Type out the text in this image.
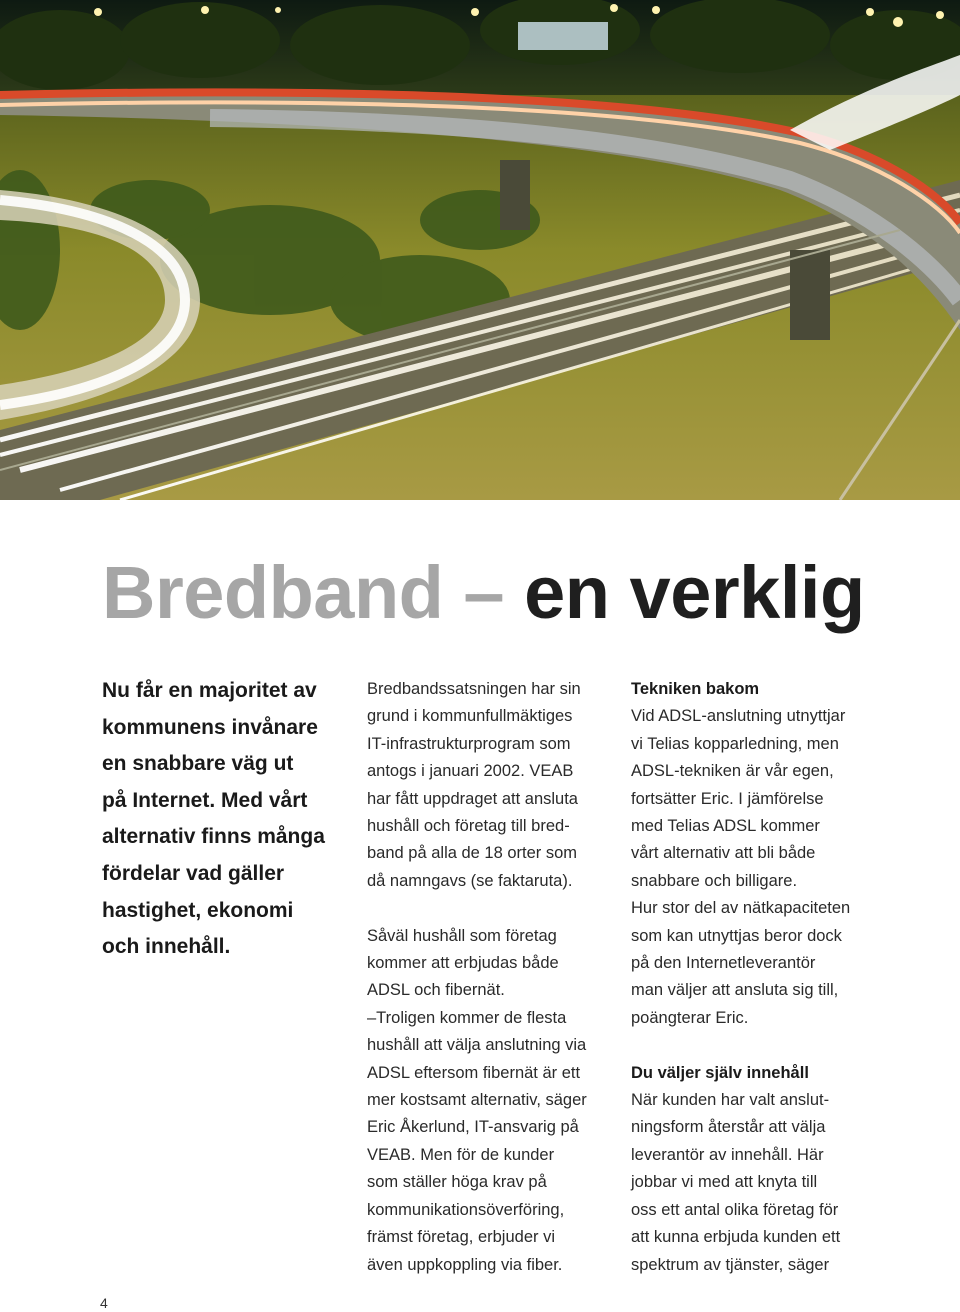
Bredband – en verklig
Nu får en majoritet av
kommunens invånare
en snabbare väg ut
på Internet. Med vårt
alternativ finns många
fördelar vad gäller
hastighet, ekonomi
och innehåll.

Bredbandssatsningen har sin
grund i kommunfullmäktiges
IT-infrastrukturprogram som
antogs i januari 2002. VEAB
har fått uppdraget att ansluta
hushåll och företag till bred-
band på alla de 18 orter som
då namngavs (se faktaruta).

Såväl hushåll som företag
kommer att erbjudas både
ADSL och fibernät.
–Troligen kommer de flesta
hushåll att välja anslutning via
ADSL eftersom fibernät är ett
mer kostsamt alternativ, säger
Eric Åkerlund, IT-ansvarig på
VEAB. Men för de kunder
som ställer höga krav på
kommunikationsöverföring,
främst företag, erbjuder vi
även uppkoppling via fiber.

Tekniken bakom

Vid ADSL-anslutning utnyttjar
vi Telias kopparledning, men
ADSL-tekniken är vår egen,
fortsätter Eric. I jämförelse
med Telias ADSL kommer
vårt alternativ att bli både
snabbare och billigare.
Hur stor del av nätkapaciteten
som kan utnyttjas beror dock
på den Internetleverantör
man väljer att ansluta sig till,
poängterar Eric.

Du väljer själv innehåll

När kunden har valt anslut-
ningsform återstår att välja
leverantör av innehåll. Här
jobbar vi med att knyta till
oss ett antal olika företag för
att kunna erbjuda kunden ett
spektrum av tjänster, säger

4
